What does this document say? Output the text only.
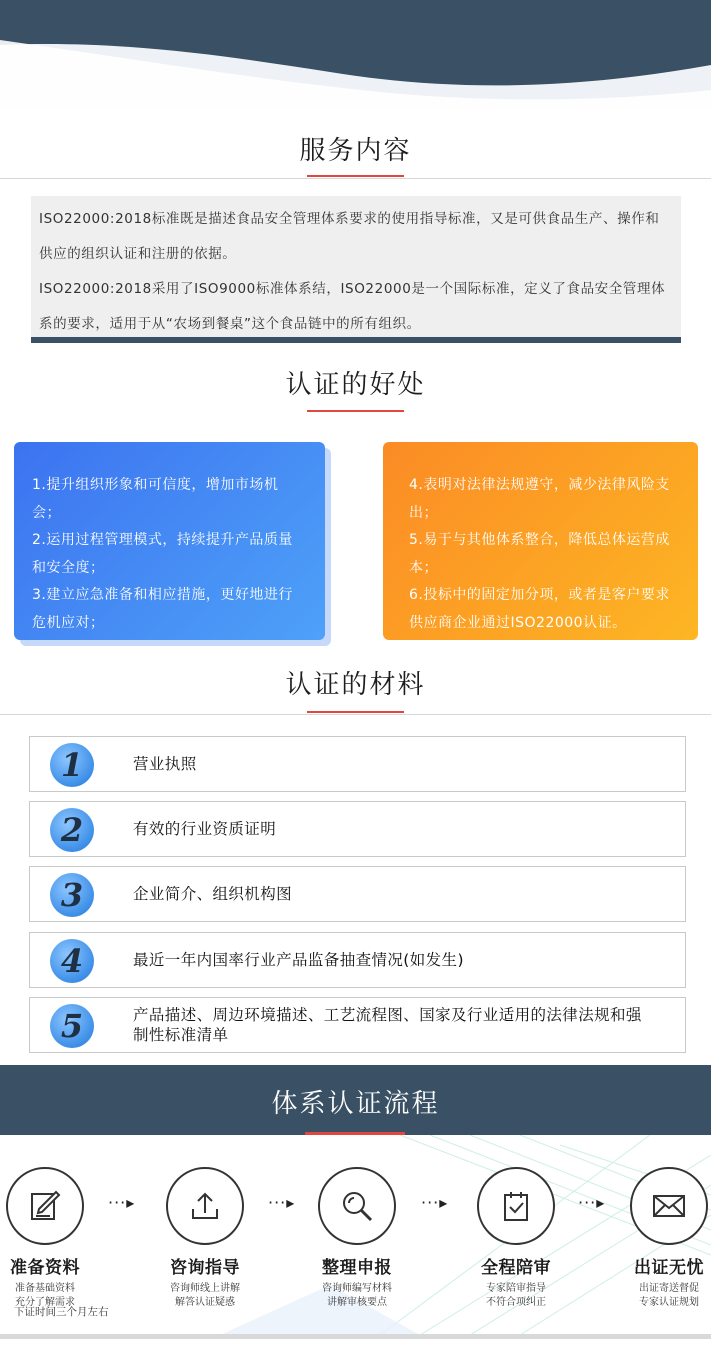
服务内容

ISO22000:2018标准既是描述食品安全管理体系要求的使用指导标准，又是可供食品生产、操作和供应的组织认证和注册的依据。

ISO22000:2018采用了ISO9000标准体系结，ISO22000是一个国际标准，定义了食品安全管理体系的要求，适用于从“农场到餐桌”这个食品链中的所有组织。

认证的好处
1.提升组织形象和可信度，增加市场机会；
2.运用过程管理模式，持续提升产品质量和安全度；
3.建立应急准备和相应措施，更好地进行危机应对；
4.表明对法律法规遵守，减少法律风险支出；
5.易于与其他体系整合，降低总体运营成本；
6.投标中的固定加分项，或者是客户要求供应商企业通过ISO22000认证。
认证的材料
1	营业执照
2	有效的行业资质证明
3	企业简介、组织机构图
4	最近一年内国率行业产品监备抽查情况(如发生)
5	产品描述、周边环境描述、工艺流程图、国家及行业适用的法律法规和强制性标准清单
体系认证流程
准备资料
准备基础资料
充分了解需求
···▸
咨询指导
咨询师线上讲解
解答认证疑惑
···▸
整理申报
咨询师编写材料
讲解审核要点
···▸
全程陪审
专家陪审指导
不符合项纠正
···▸
出证无忧
出证寄送督促
专家认证规划
下证时间三个月左右
